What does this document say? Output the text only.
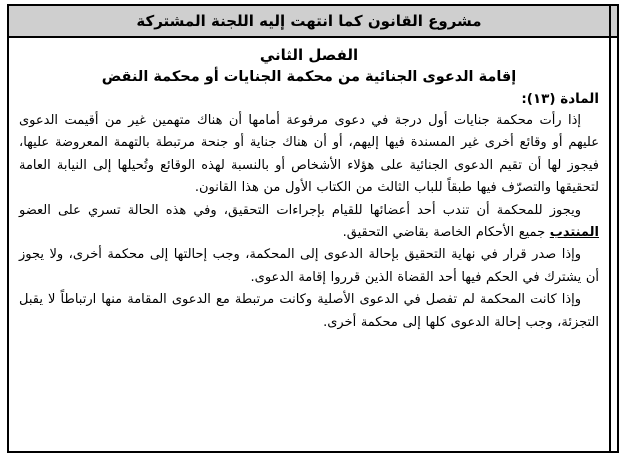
مشروع القانون كما انتهت إليه اللجنة المشتركة
الفصل الثاني
إقامة الدعوى الجنائية من محكمة الجنايات أو محكمة النقض
المادة (١٣):

إذا رأت محكمة جنايات أول درجة في دعوى مرفوعة أمامها أن هناك متهمين غير من أقيمت الدعوى عليهم أو وقائع أخرى غير المسندة فيها إليهم، أو أن هناك جناية أو جنحة مرتبطة بالتهمة المعروضة عليها، فيجوز لها أن تقيم الدعوى الجنائية على هؤلاء الأشخاص أو بالنسبة لهذه الوقائع وتُحيلها إلى النيابة العامة لتحقيقها والتصرّف فيها طبقاً للباب الثالث من الكتاب الأول من هذا القانون.

ويجوز للمحكمة أن تندب أحد أعضائها للقيام بإجراءات التحقيق، وفي هذه الحالة تسري على العضو المنتدب جميع الأحكام الخاصة بقاضي التحقيق.

وإذا صدر قرار في نهاية التحقيق بإحالة الدعوى إلى المحكمة، وجب إحالتها إلى محكمة أخرى، ولا يجوز أن يشترك في الحكم فيها أحد القضاة الذين قرروا إقامة الدعوى.

وإذا كانت المحكمة لم تفصل في الدعوى الأصلية وكانت مرتبطة مع الدعوى المقامة منها ارتباطاً لا يقبل التجزئة، وجب إحالة الدعوى كلها إلى محكمة أخرى.
